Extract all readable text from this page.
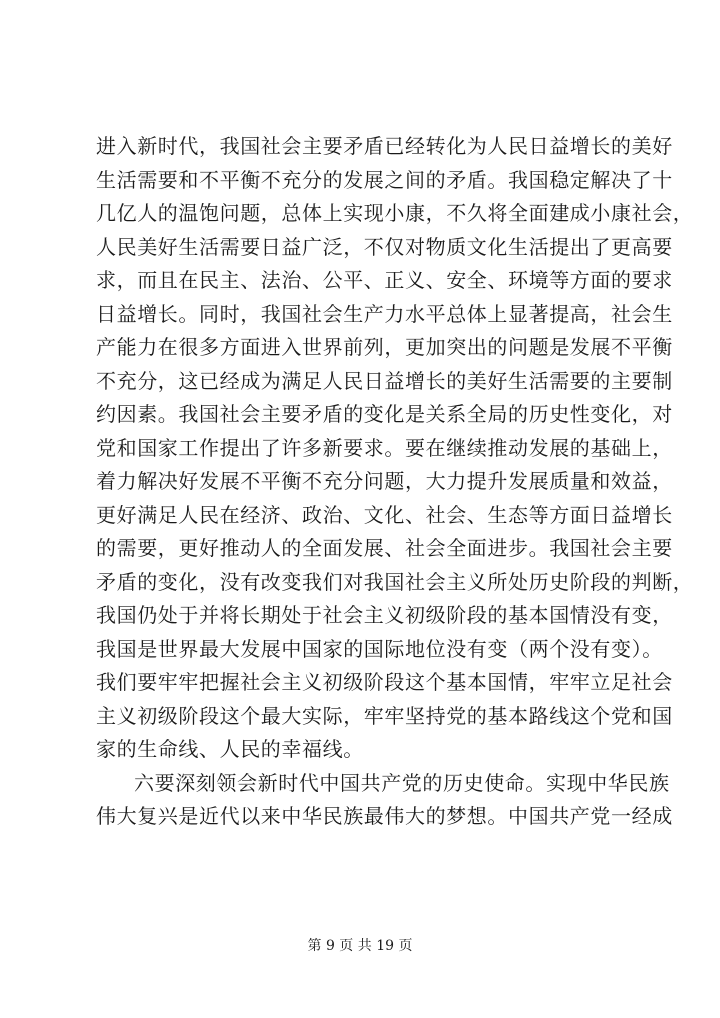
进入新时代，我国社会主要矛盾已经转化为人民日益增长的美好
生活需要和不平衡不充分的发展之间的矛盾。我国稳定解决了十
几亿人的温饱问题，总体上实现小康，不久将全面建成小康社会，
人民美好生活需要日益广泛，不仅对物质文化生活提出了更高要
求，而且在民主、法治、公平、正义、安全、环境等方面的要求
日益增长。同时，我国社会生产力水平总体上显著提高，社会生
产能力在很多方面进入世界前列，更加突出的问题是发展不平衡
不充分，这已经成为满足人民日益增长的美好生活需要的主要制
约因素。我国社会主要矛盾的变化是关系全局的历史性变化，对
党和国家工作提出了许多新要求。要在继续推动发展的基础上，
着力解决好发展不平衡不充分问题，大力提升发展质量和效益，
更好满足人民在经济、政治、文化、社会、生态等方面日益增长
的需要，更好推动人的全面发展、社会全面进步。我国社会主要
矛盾的变化，没有改变我们对我国社会主义所处历史阶段的判断，
我国仍处于并将长期处于社会主义初级阶段的基本国情没有变，
我国是世界最大发展中国家的国际地位没有变（两个没有变）。
我们要牢牢把握社会主义初级阶段这个基本国情，牢牢立足社会
主义初级阶段这个最大实际，牢牢坚持党的基本路线这个党和国
家的生命线、人民的幸福线。
六要深刻领会新时代中国共产党的历史使命。实现中华民族
伟大复兴是近代以来中华民族最伟大的梦想。中国共产党一经成
第 9 页 共 19 页
